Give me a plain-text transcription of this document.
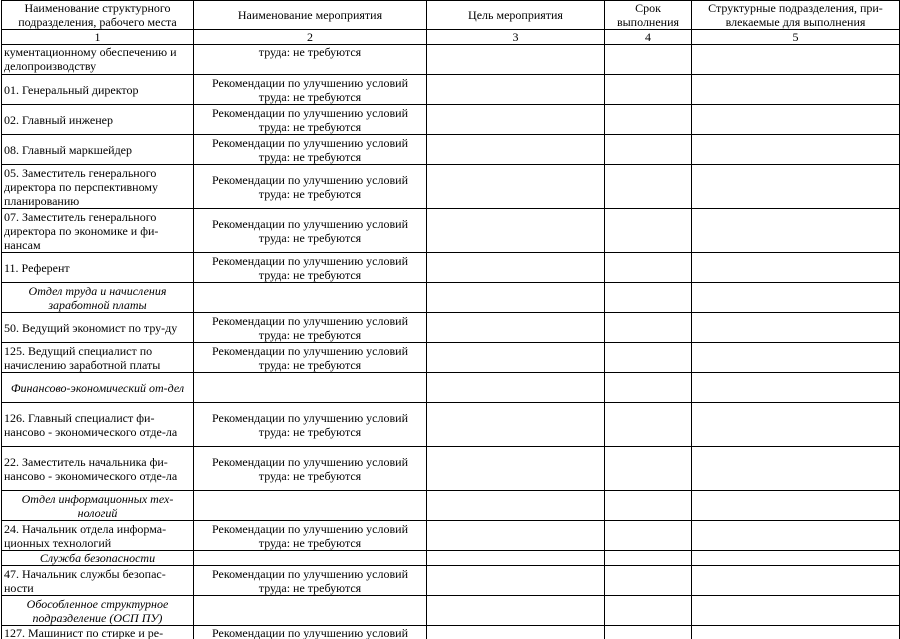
Наименование структурного подразделения, рабочего места	Наименование мероприятия	Цель мероприятия	Срок выполнения	Структурные подразделения, при-влекаемые для выполнения
1	2	3	4	5
кументационному обеспечению и делопроизводству	труда: не требуются			
01. Генеральный директор	Рекомендации по улучшению условий труда: не требуются			
02. Главный инженер	Рекомендации по улучшению условий труда: не требуются			
08. Главный маркшейдер	Рекомендации по улучшению условий труда: не требуются			
05. Заместитель генерального директора по перспективному планированию	Рекомендации по улучшению условий труда: не требуются			
07. Заместитель генерального директора по экономике и фи-нансам	Рекомендации по улучшению условий труда: не требуются			
11. Референт	Рекомендации по улучшению условий труда: не требуются			
Отдел труда и начисления заработной платы				
50. Ведущий экономист по тру-ду	Рекомендации по улучшению условий труда: не требуются			
125. Ведущий специалист по начислению заработной платы	Рекомендации по улучшению условий труда: не требуются			
Финансово-экономический от-дел				
126. Главный специалист фи-нансово - экономического отде-ла	Рекомендации по улучшению условий труда: не требуются			
22. Заместитель начальника фи-нансово - экономического отде-ла	Рекомендации по улучшению условий труда: не требуются			
Отдел информационных тех-нологий				
24. Начальник отдела информа-ционных технологий	Рекомендации по улучшению условий труда: не требуются			
Служба безопасности				
47. Начальник службы безопас-ности	Рекомендации по улучшению условий труда: не требуются			
Обособленное структурное подразделение (ОСП ПУ)				
127. Машинист по стирке и ре-	Рекомендации по улучшению условий			
